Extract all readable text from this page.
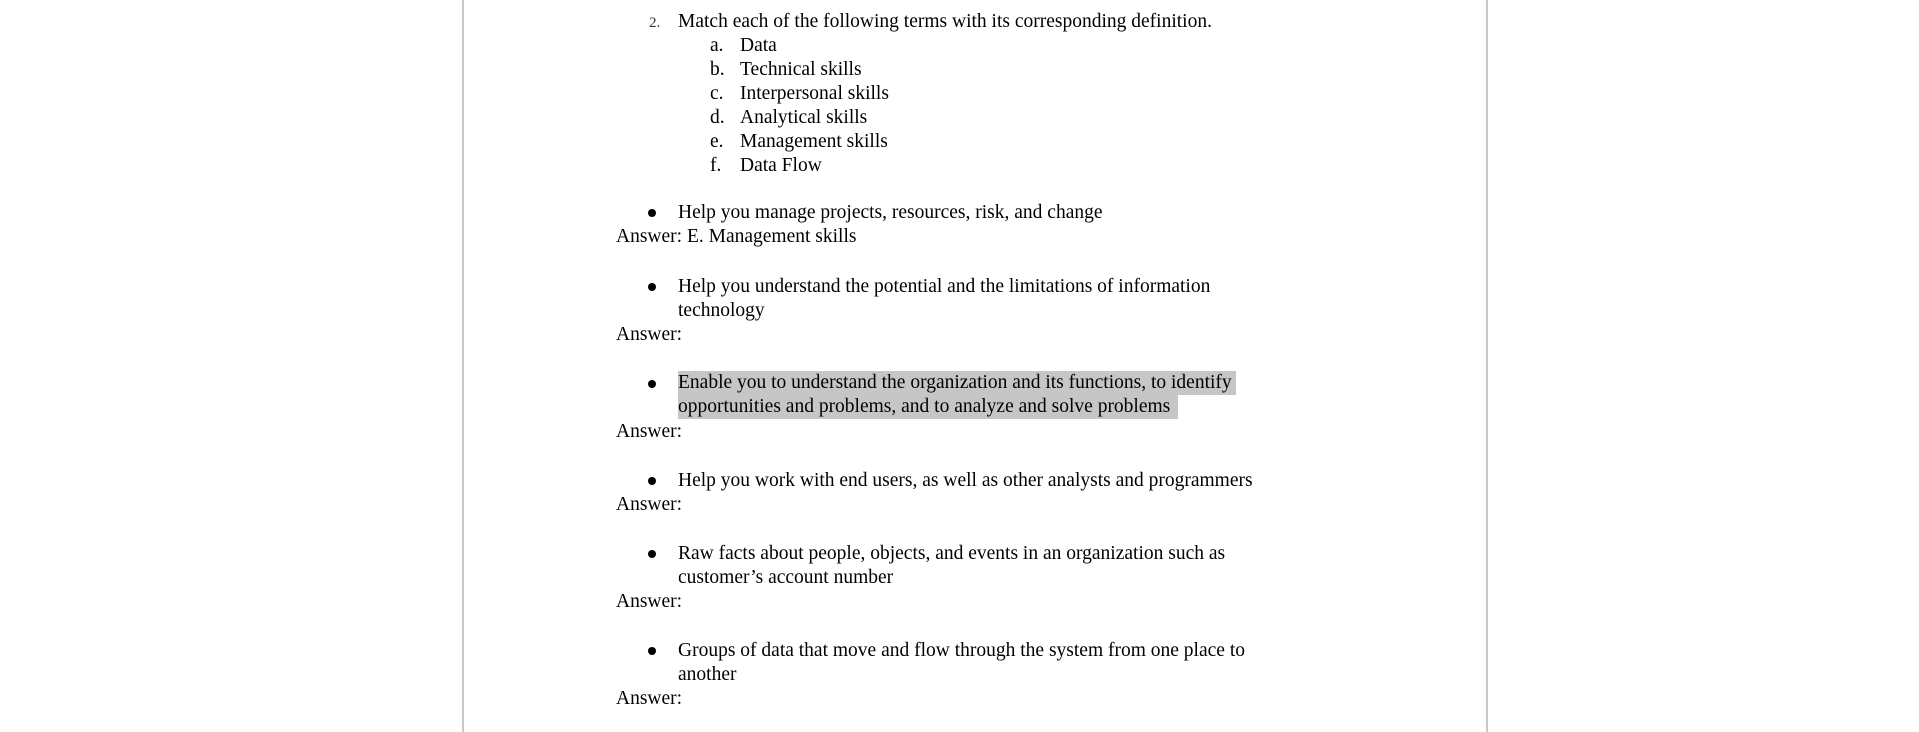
2. Match each of the following terms with its corresponding definition.
a. Data
b. Technical skills
c. Interpersonal skills
d. Analytical skills
e. Management skills
f. Data Flow
Help you manage projects, resources, risk, and change
Answer: E. Management skills
Help you understand the potential and the limitations of information
technology
Answer:
Enable you to understand the organization and its functions, to identify
opportunities and problems, and to analyze and solve problems
Answer:
Help you work with end users, as well as other analysts and programmers
Answer:
Raw facts about people, objects, and events in an organization such as
customer’s account number
Answer:
Groups of data that move and flow through the system from one place to
another
Answer:
